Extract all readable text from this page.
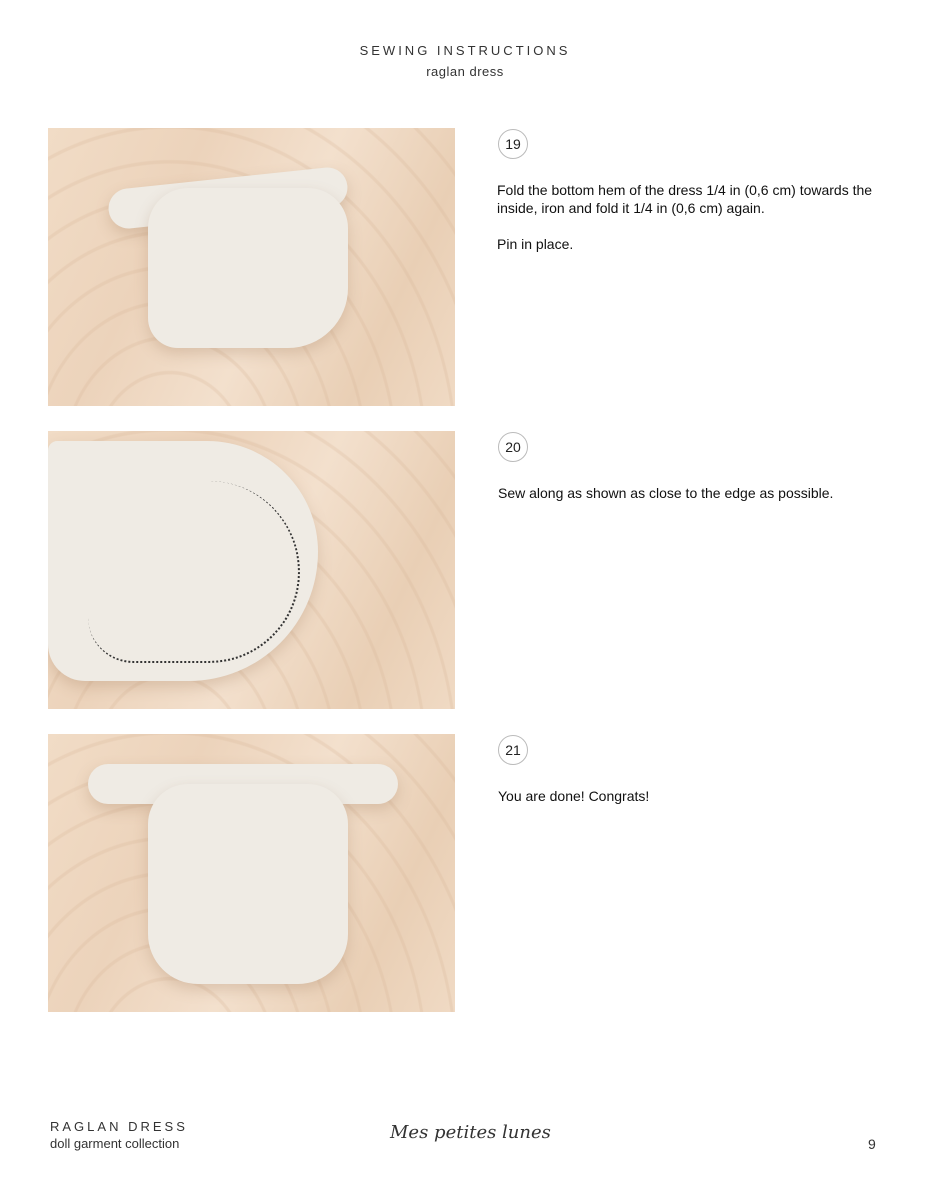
SEWING INSTRUCTIONS
raglan dress
19

Fold the bottom hem of the dress 1/4 in (0,6 cm) towards the inside, iron and fold it 1/4 in (0,6 cm) again.

Pin in place.

20

Sew along as shown as close to the edge as possible.

21

You are done! Congrats!

RAGLAN DRESS
doll garment collection
Mes petites lunes
9
